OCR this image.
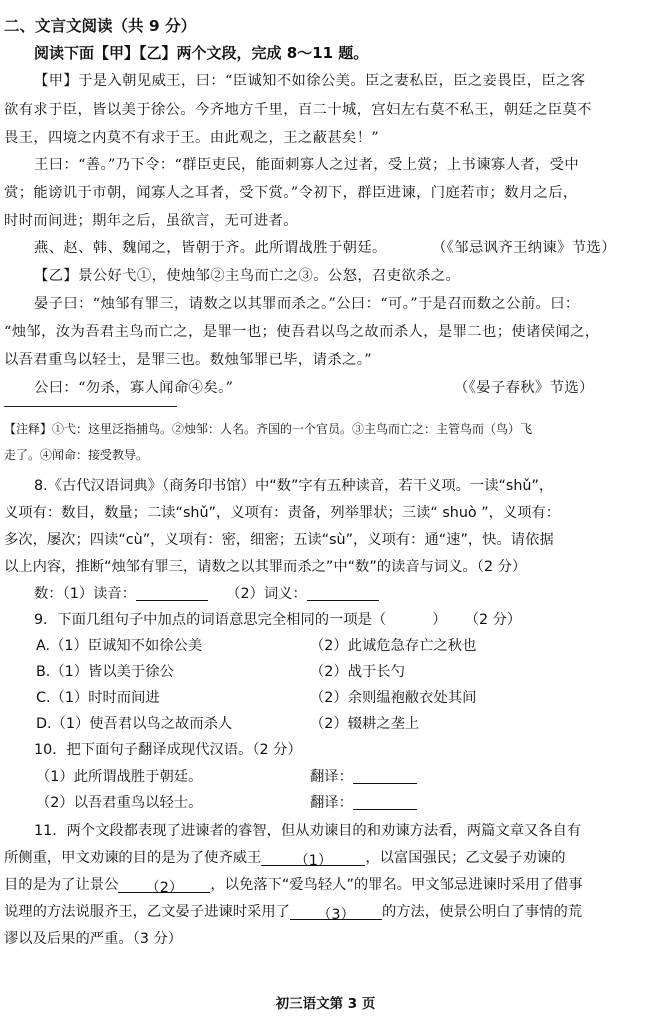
二、文言文阅读（共 9 分）
阅读下面【甲】【乙】两个文段，完成 8～11 题。
【甲】于是入朝见威王，曰：“臣诚知不如徐公美。臣之妻私臣，臣之妾畏臣，臣之客
欲有求于臣，皆以美于徐公。今齐地方千里，百二十城，宫妇左右莫不私王，朝廷之臣莫不
畏王，四境之内莫不有求于王。由此观之，王之蔽甚矣！”
王曰：“善。”乃下令：“群臣吏民，能面刺寡人之过者，受上赏；上书谏寡人者，受中
赏；能谤讥于市朝，闻寡人之耳者，受下赏。”令初下，群臣进谏，门庭若市；数月之后，
时时而间进；期年之后，虽欲言，无可进者。
燕、赵、韩、魏闻之，皆朝于齐。此所谓战胜于朝廷。	（《邹忌讽齐王纳谏》节选）
【乙】景公好弋①，使烛邹②主鸟而亡之③。公怒，召吏欲杀之。
晏子曰：“烛邹有罪三，请数之以其罪而杀之。”公曰：“可。”于是召而数之公前。曰：
“烛邹，汝为吾君主鸟而亡之，是罪一也；使吾君以鸟之故而杀人，是罪二也；使诸侯闻之，
以吾君重鸟以轻士，是罪三也。数烛邹罪已毕，请杀之。”
公曰：“勿杀，寡人闻命④矣。”	（《晏子春秋》节选）
【注释】①弋：这里泛指捕鸟。②烛邹：人名。齐国的一个官员。③主鸟而亡之：主管鸟而（鸟）飞
走了。④闻命：接受教导。
8.《古代汉语词典》（商务印书馆）中“数”字有五种读音，若干义项。一读“shǔ”，
义项有：数目，数量；二读“shǔ”，义项有：责备，列举罪状；三读“ shuò ”，义项有：
多次，屡次；四读“cù”，义项有：密，细密；五读“sù”，义项有：通“速”，快。请依据
以上内容，推断“烛邹有罪三，请数之以其罪而杀之”中“数”的读音与词义。（2 分）
数：（1）读音：	（2）词义：
9．下面几组句子中加点的词语意思完全相同的一项是（	） （2 分）
A.（1）臣诚知不如徐公美	（2）此诚危急存亡之秋也
B.（1）皆以美于徐公	（2）战于长勺
C.（1）时时而间进	（2）余则缊袍敝衣处其间
D.（1）使吾君以鸟之故而杀人	（2）辍耕之垄上
10．把下面句子翻译成现代汉语。（2 分）
（1）此所谓战胜于朝廷。	翻译：
（2）以吾君重鸟以轻士。	翻译：
11．两个文段都表现了进谏者的睿智，但从劝谏目的和劝谏方法看，两篇文章又各自有
所侧重，甲文劝谏的目的是为了使齐威王 （1） ，以富国强民；乙文晏子劝谏的
目的是为了让景公 （2） ，以免落下“爱鸟轻人”的罪名。甲文邹忌进谏时采用了借事
说理的方法说服齐王，乙文晏子进谏时采用了 （3） 的方法，使景公明白了事情的荒
谬以及后果的严重。（3 分）
初三语文第 3 页
